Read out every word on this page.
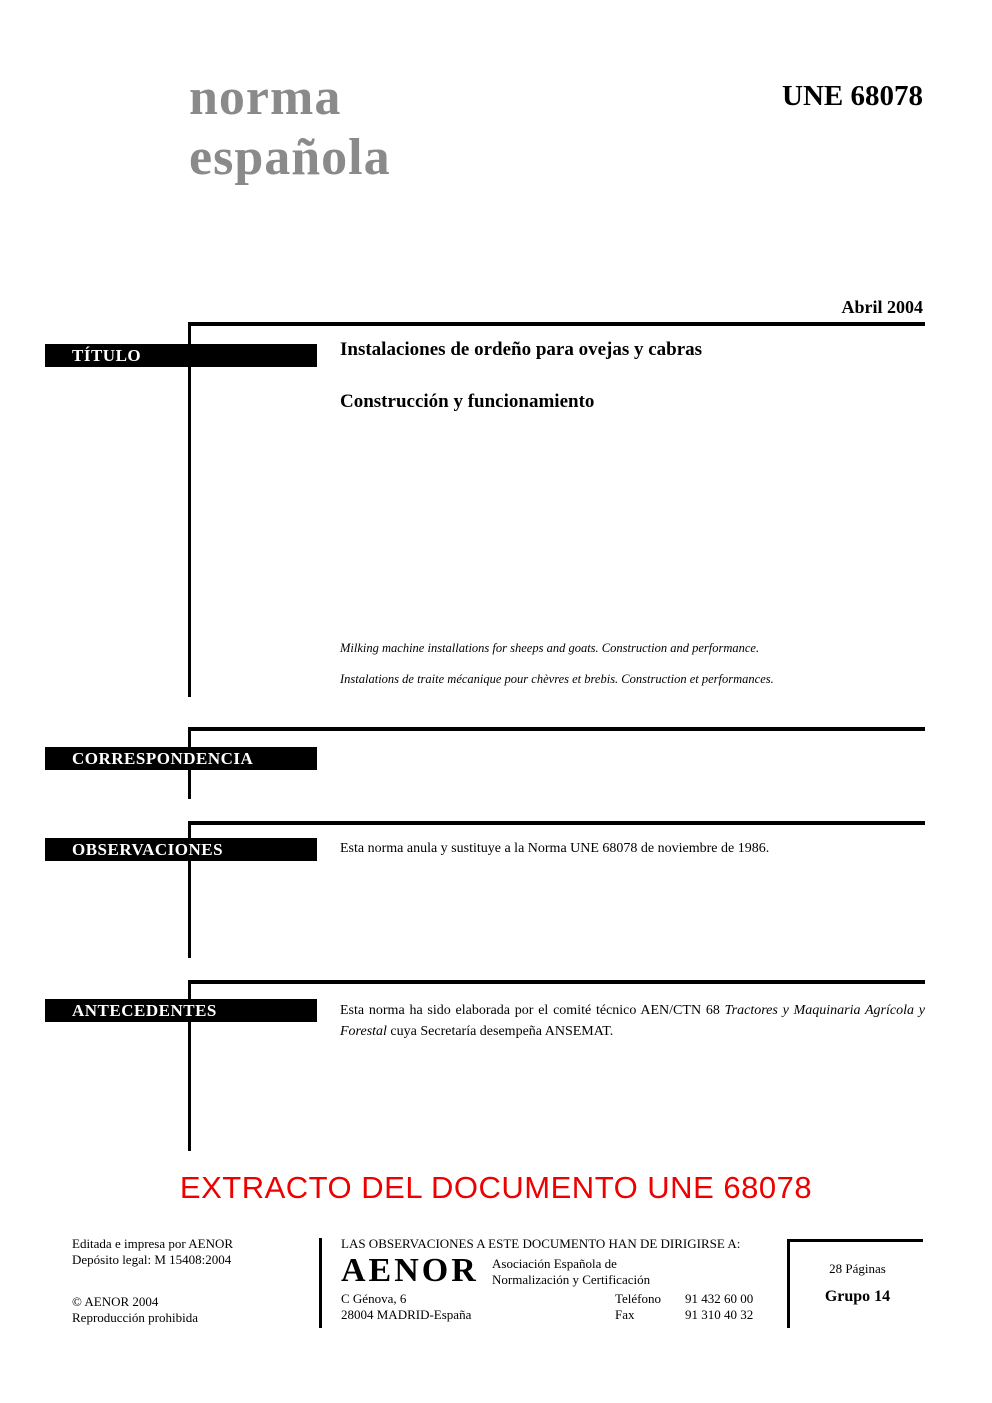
norma
española
UNE 68078
Abril 2004
TÍTULO	Instalaciones de ordeño para ovejas y cabras
Construcción y funcionamiento
Milking machine installations for sheeps and goats. Construction and performance.
Instalations de traite mécanique pour chèvres et brebis. Construction et performances.
CORRESPONDENCIA
OBSERVACIONES	Esta norma anula y sustituye a la Norma UNE 68078 de noviembre de 1986.
ANTECEDENTES	Esta norma ha sido elaborada por el comité técnico AEN/CTN 68 Tractores y Maquinaria Agrícola y Forestal cuya Secretaría desempeña ANSEMAT.
EXTRACTO DEL DOCUMENTO UNE 68078
Editada e impresa por AENOR
Depósito legal: M 15408:2004
© AENOR 2004
Reproducción prohibida
LAS OBSERVACIONES A ESTE DOCUMENTO HAN DE DIRIGIRSE A:
AENOR Asociación Española de
Normalización y Certificación
C Génova, 6
28004 MADRID-España
Teléfono 91 432 60 00
Fax	91 310 40 32
28 Páginas
Grupo 14
